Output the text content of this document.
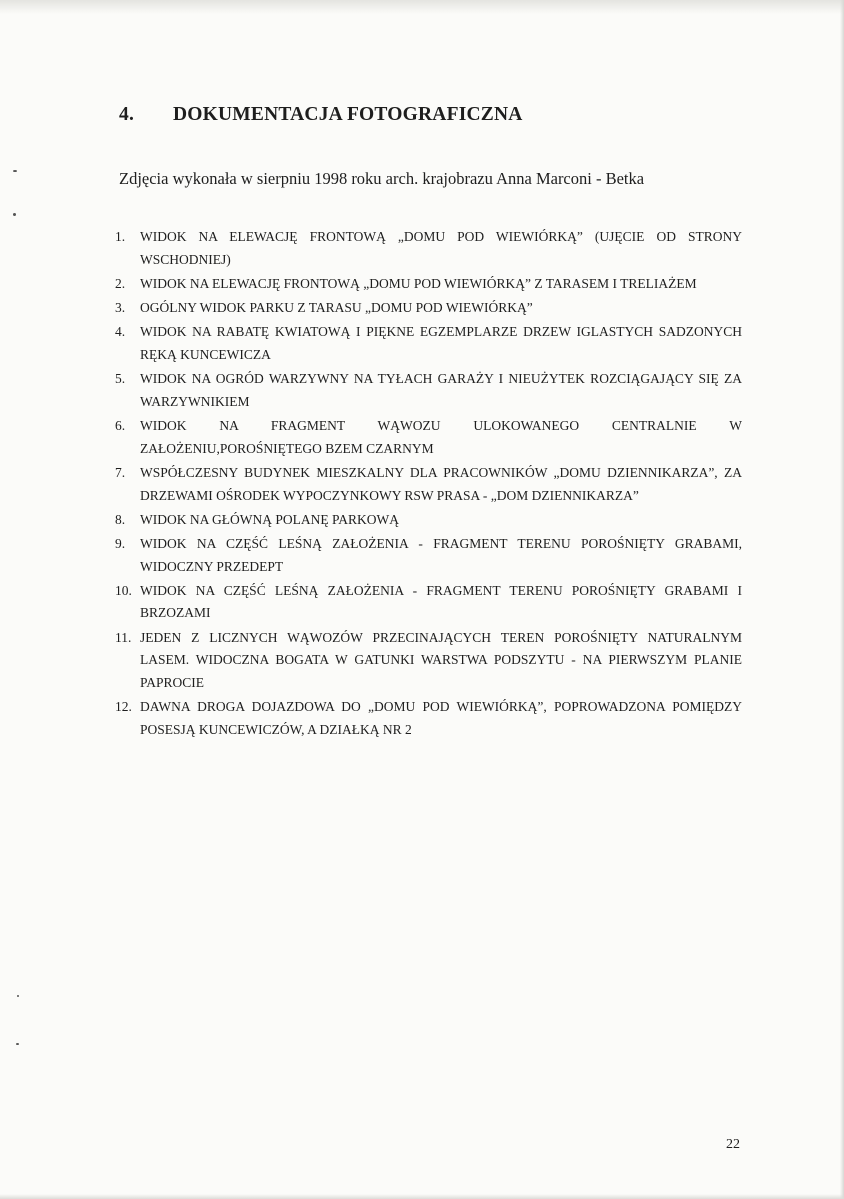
4. DOKUMENTACJA FOTOGRAFICZNA

Zdjęcia wykonała w sierpniu 1998 roku arch. krajobrazu Anna Marconi - Betka

1.	WIDOK NA ELEWACJĘ FRONTOWĄ „DOMU POD WIEWIÓRKĄ” (UJĘCIE OD STRONY WSCHODNIEJ)
2.	WIDOK NA ELEWACJĘ FRONTOWĄ „DOMU POD WIEWIÓRKĄ” Z TARASEM I TRELIAŻEM
3.	OGÓLNY WIDOK PARKU Z TARASU „DOMU POD WIEWIÓRKĄ”
4.	WIDOK NA RABATĘ KWIATOWĄ I PIĘKNE EGZEMPLARZE DRZEW IGLASTYCH SADZONYCH RĘKĄ KUNCEWICZA
5.	WIDOK NA OGRÓD WARZYWNY NA TYŁACH GARAŻY I NIEUŻYTEK ROZCIĄGAJĄCY SIĘ ZA WARZYWNIKIEM
6.	WIDOK NA FRAGMENT WĄWOZU ULOKOWANEGO CENTRALNIE W ZAŁOŻENIU,POROŚNIĘTEGO BZEM CZARNYM
7.	WSPÓŁCZESNY BUDYNEK MIESZKALNY DLA PRACOWNIKÓW „DOMU DZIENNIKARZA”, ZA DRZEWAMI OŚRODEK WYPOCZYNKOWY RSW PRASA - „DOM DZIENNIKARZA”
8.	WIDOK NA GŁÓWNĄ POLANĘ PARKOWĄ
9.	WIDOK NA CZĘŚĆ LEŚNĄ ZAŁOŻENIA - FRAGMENT TERENU POROŚNIĘTY GRABAMI, WIDOCZNY PRZEDEPT
10. WIDOK NA CZĘŚĆ LEŚNĄ ZAŁOŻENIA - FRAGMENT TERENU POROŚNIĘTY GRABAMI I BRZOZAMI
11. JEDEN Z LICZNYCH WĄWOZÓW PRZECINAJĄCYCH TEREN POROŚNIĘTY NATURALNYM LASEM. WIDOCZNA BOGATA W GATUNKI WARSTWA PODSZYTU - NA PIERWSZYM PLANIE PAPROCIE
12. DAWNA DROGA DOJAZDOWA DO „DOMU POD WIEWIÓRKĄ”, POPROWADZONA POMIĘDZY POSESJĄ KUNCEWICZÓW, A DZIAŁKĄ NR 2
22
